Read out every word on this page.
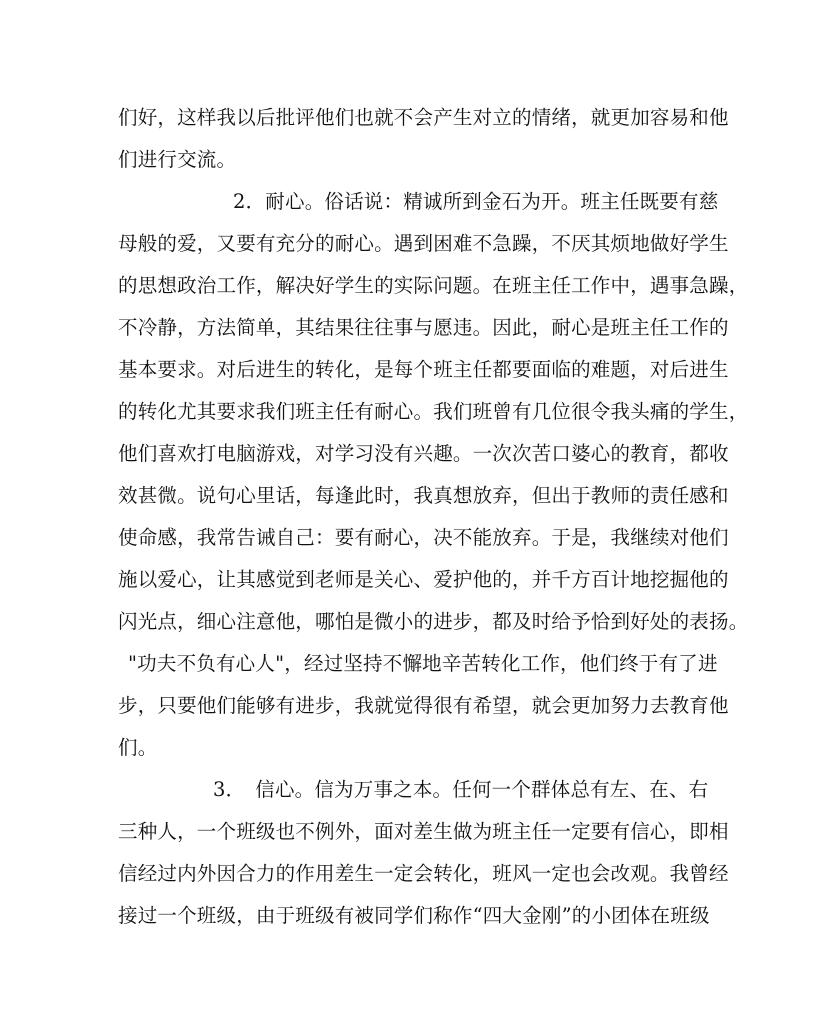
们好，这样我以后批评他们也就不会产生对立的情绪，就更加容易和他
们进行交流。
2．耐心。俗话说：精诚所到金石为开。班主任既要有慈
母般的爱，又要有充分的耐心。遇到困难不急躁，不厌其烦地做好学生
的思想政治工作，解决好学生的实际问题。在班主任工作中，遇事急躁，
不冷静，方法简单，其结果往往事与愿违。因此，耐心是班主任工作的
基本要求。对后进生的转化，是每个班主任都要面临的难题，对后进生
的转化尤其要求我们班主任有耐心。我们班曾有几位很令我头痛的学生，
他们喜欢打电脑游戏，对学习没有兴趣。一次次苦口婆心的教育，都收
效甚微。说句心里话，每逢此时，我真想放弃，但出于教师的责任感和
使命感，我常告诫自己：要有耐心，决不能放弃。于是，我继续对他们
施以爱心，让其感觉到老师是关心、爱护他的，并千方百计地挖掘他的
闪光点，细心注意他，哪怕是微小的进步，都及时给予恰到好处的表扬。
"功夫不负有心人"，经过坚持不懈地辛苦转化工作，他们终于有了进
步，只要他们能够有进步，我就觉得很有希望，就会更加努力去教育他
们。
3．　信心。信为万事之本。任何一个群体总有左、在、右
三种人，一个班级也不例外，面对差生做为班主任一定要有信心，即相
信经过内外因合力的作用差生一定会转化，班风一定也会改观。我曾经
接过一个班级，由于班级有被同学们称作“四大金刚”的小团体在班级
